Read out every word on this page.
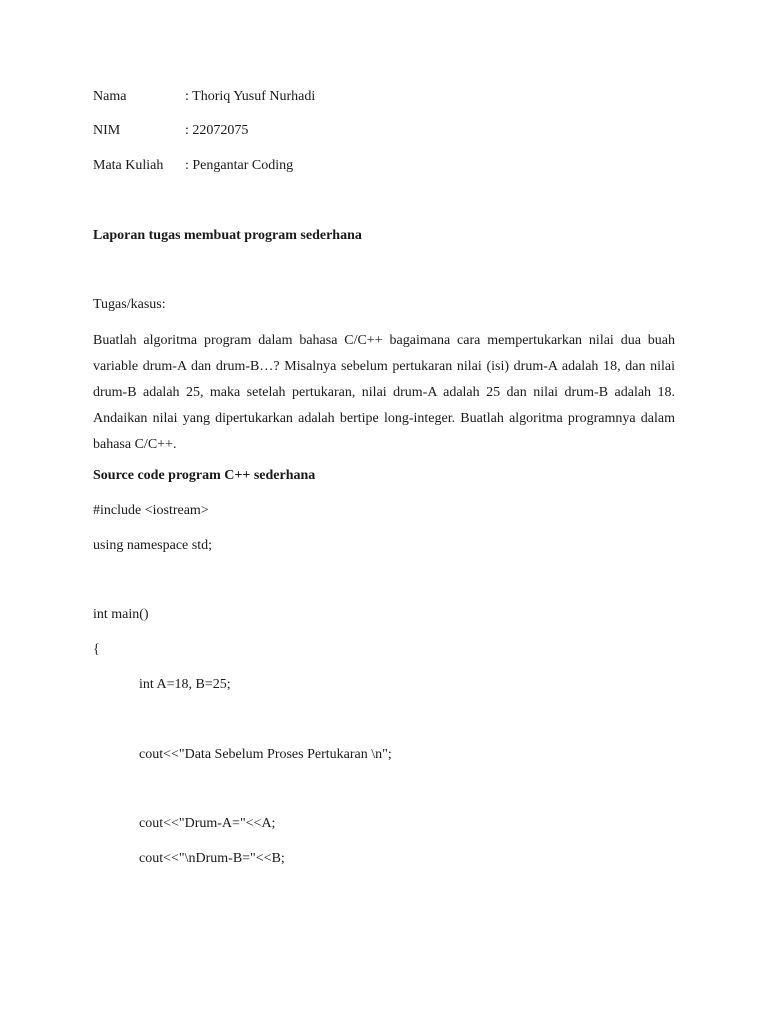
Nama	: Thoriq Yusuf Nurhadi
NIM	: 22072075
Mata Kuliah : Pengantar Coding
Laporan tugas membuat program sederhana
Tugas/kasus:
Buatlah algoritma program dalam bahasa C/C++ bagaimana cara mempertukarkan nilai dua buah variable drum-A dan drum-B…? Misalnya sebelum pertukaran nilai (isi) drum-A adalah 18, dan nilai drum-B adalah 25, maka setelah pertukaran, nilai drum-A adalah 25 dan nilai drum-B adalah 18. Andaikan nilai yang dipertukarkan adalah bertipe long-integer. Buatlah algoritma programnya dalam bahasa C/C++.
Source code program C++ sederhana
#include <iostream>
using namespace std;
int main()
{
int A=18, B=25;
cout<<"Data Sebelum Proses Pertukaran \n";
cout<<"Drum-A="<<A;
cout<<"\nDrum-B="<<B;
